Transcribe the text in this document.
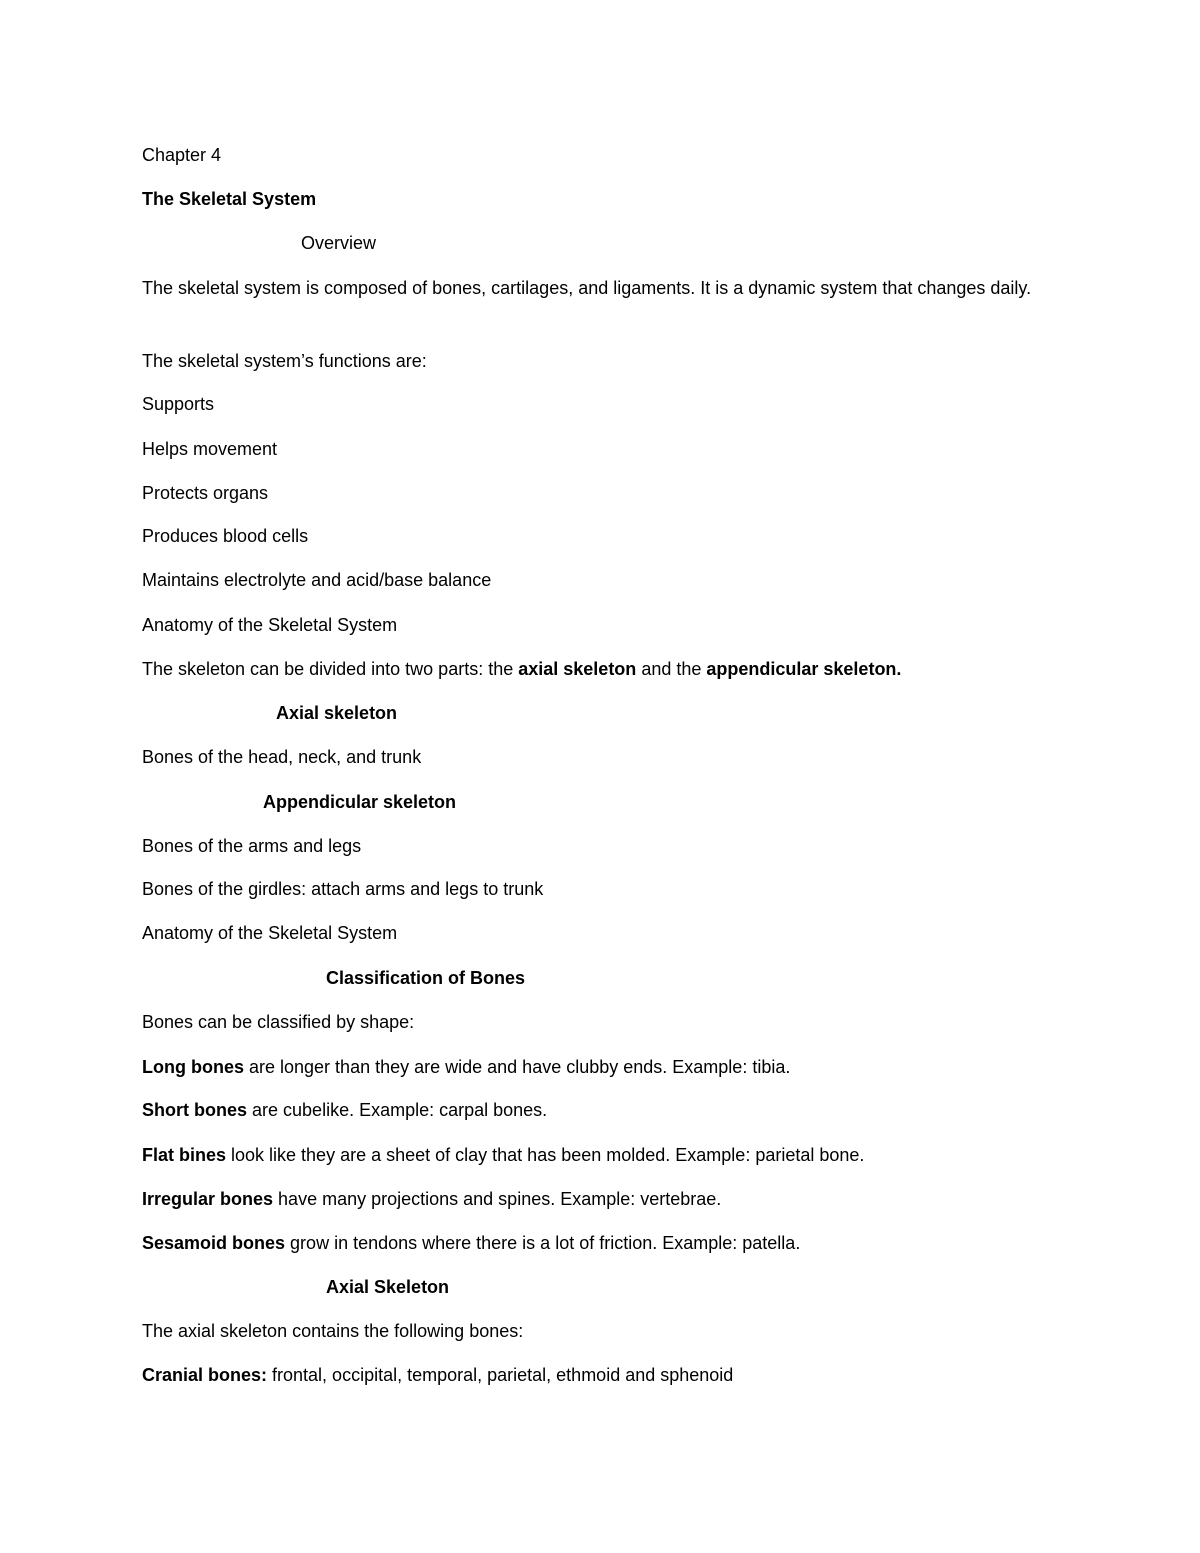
Chapter 4

The Skeletal System

Overview

The skeletal system is composed of bones, cartilages, and ligaments. It is a dynamic system that changes daily.

The skeletal system’s functions are:

Supports

Helps movement

Protects organs

Produces blood cells

Maintains electrolyte and acid/base balance

Anatomy of the Skeletal System

The skeleton can be divided into two parts: the axial skeleton and the appendicular skeleton.

Axial skeleton

Bones of the head, neck, and trunk

Appendicular skeleton

Bones of the arms and legs

Bones of the girdles: attach arms and legs to trunk

Anatomy of the Skeletal System

Classification of Bones

Bones can be classified by shape:

Long bones are longer than they are wide and have clubby ends. Example: tibia.

Short bones are cubelike. Example: carpal bones.

Flat bines look like they are a sheet of clay that has been molded. Example: parietal bone.

Irregular bones have many projections and spines. Example: vertebrae.

Sesamoid bones grow in tendons where there is a lot of friction. Example: patella.

Axial Skeleton

The axial skeleton contains the following bones:

Cranial bones: frontal, occipital, temporal, parietal, ethmoid and sphenoid
